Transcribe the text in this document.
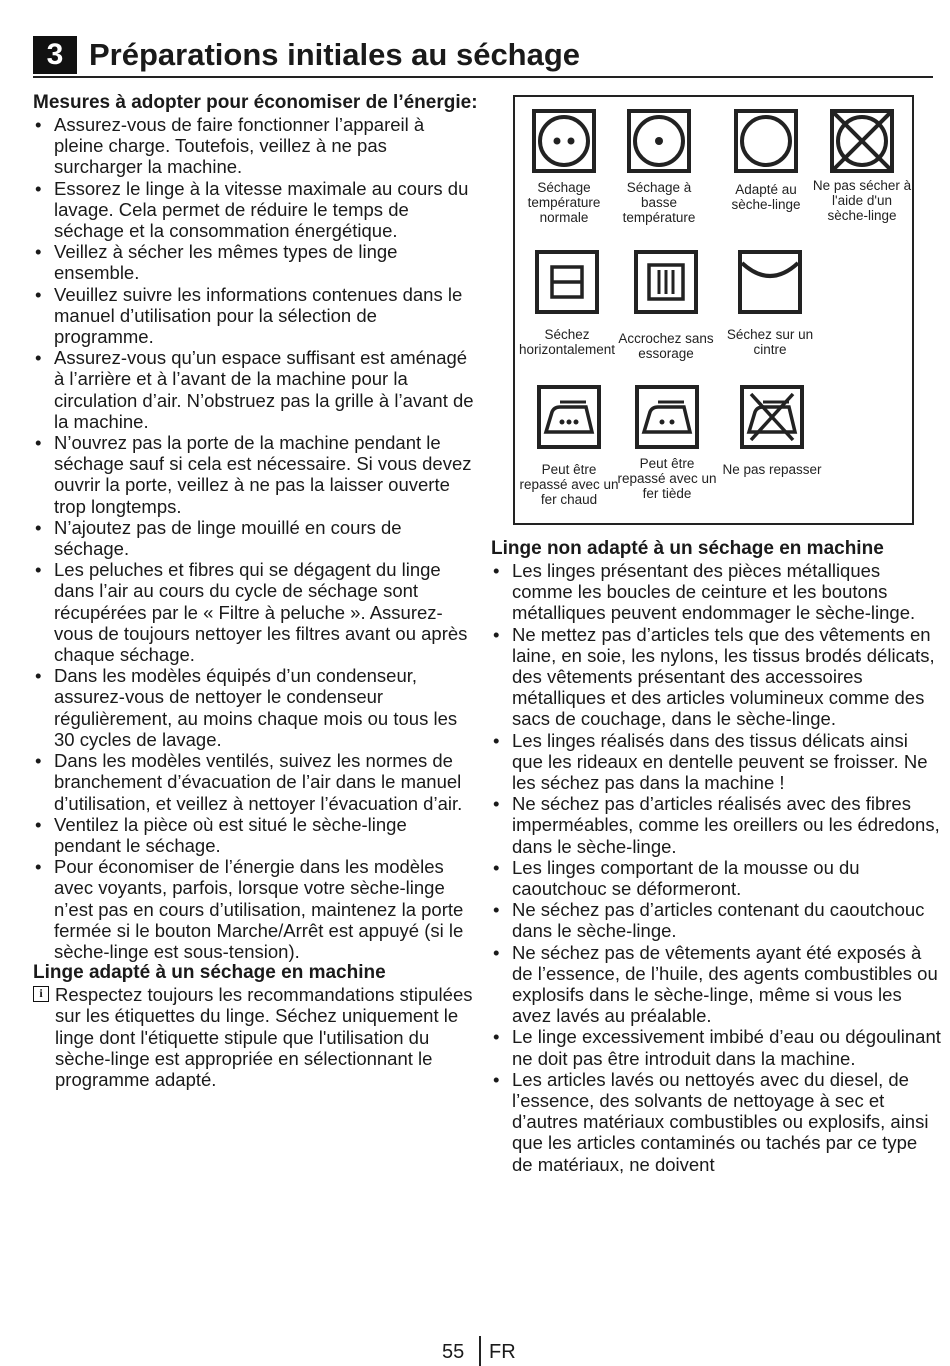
3 Préparations initiales au séchage
Mesures à adopter pour économiser de l’énergie:
• Assurez-vous de faire fonctionner l’appareil à pleine charge. Toutefois, veillez à ne pas surcharger la machine.
• Essorez le linge à la vitesse maximale au cours du lavage. Cela permet de réduire le temps de séchage et la consommation énergétique.
• Veillez à sécher les mêmes types de linge ensemble.
• Veuillez suivre les informations contenues dans le manuel d’utilisation pour la sélection de programme.
• Assurez-vous qu’un espace suffisant est aménagé à l’arrière et à l’avant de la machine pour la circulation d’air. N’obstruez pas la grille à l’avant de la machine.
• N’ouvrez pas la porte de la machine pendant le séchage sauf si cela est nécessaire. Si vous devez ouvrir la porte, veillez à ne pas la laisser ouverte trop longtemps.
• N’ajoutez pas de linge mouillé en cours de séchage.
• Les peluches et fibres qui se dégagent du linge dans l’air au cours du cycle de séchage sont récupérées par le « Filtre à peluche ». Assurez-vous de toujours nettoyer les filtres avant ou après chaque séchage.
• Dans les modèles équipés d’un condenseur, assurez-vous de nettoyer le condenseur régulièrement, au moins chaque mois ou tous les 30 cycles de lavage.
• Dans les modèles ventilés, suivez les normes de branchement d’évacuation de l’air dans le manuel d’utilisation, et veillez à nettoyer l’évacuation d’air.
• Ventilez la pièce où est situé le sèche-linge pendant le séchage.
• Pour économiser de l’énergie dans les modèles avec voyants, parfois, lorsque votre sèche-linge n’est pas en cours d’utilisation, maintenez la porte fermée si le bouton Marche/Arrêt est appuyé (si le sèche-linge est sous-tension).
Linge adapté à un séchage en machine
i Respectez toujours les recommandations stipulées sur les étiquettes du linge. Séchez uniquement le linge dont l'étiquette stipule que l'utilisation du sèche-linge est appropriée en sélectionnant le programme adapté.
Séchage température normale
Séchage à basse température
Adapté au sèche-linge
Ne pas sécher à l'aide d'un sèche-linge
Séchez horizontalement
Accrochez sans essorage
Séchez sur un cintre
Peut être repassé avec un fer chaud
Peut être repassé avec un fer tiède
Ne pas repasser
Linge non adapté à un séchage en machine
• Les linges présentant des pièces métalliques comme les boucles de ceinture et les boutons métalliques peuvent endommager le sèche-linge.
• Ne mettez pas d’articles tels que des vêtements en laine, en soie, les nylons, les tissus brodés délicats, des vêtements présentant des accessoires métalliques et des articles volumineux comme des sacs de couchage, dans le sèche-linge.
• Les linges réalisés dans des tissus délicats ainsi que les rideaux en dentelle peuvent se froisser. Ne les séchez pas dans la machine !
• Ne séchez pas d’articles réalisés avec des fibres imperméables, comme les oreillers ou les édredons, dans le sèche-linge.
• Les linges comportant de la mousse ou du caoutchouc se déformeront.
• Ne séchez pas d’articles contenant du caoutchouc dans le sèche-linge.
• Ne séchez pas de vêtements ayant été exposés à de l’essence, de l’huile, des agents combustibles ou explosifs dans le sèche-linge, même si vous les avez lavés au préalable.
• Le linge excessivement imbibé d’eau ou dégoulinant ne doit pas être introduit dans la machine.
• Les articles lavés ou nettoyés avec du diesel, de l’essence, des solvants de nettoyage à sec et d’autres matériaux combustibles ou explosifs, ainsi que les articles contaminés ou tachés par ce type de matériaux, ne doivent
55 FR
